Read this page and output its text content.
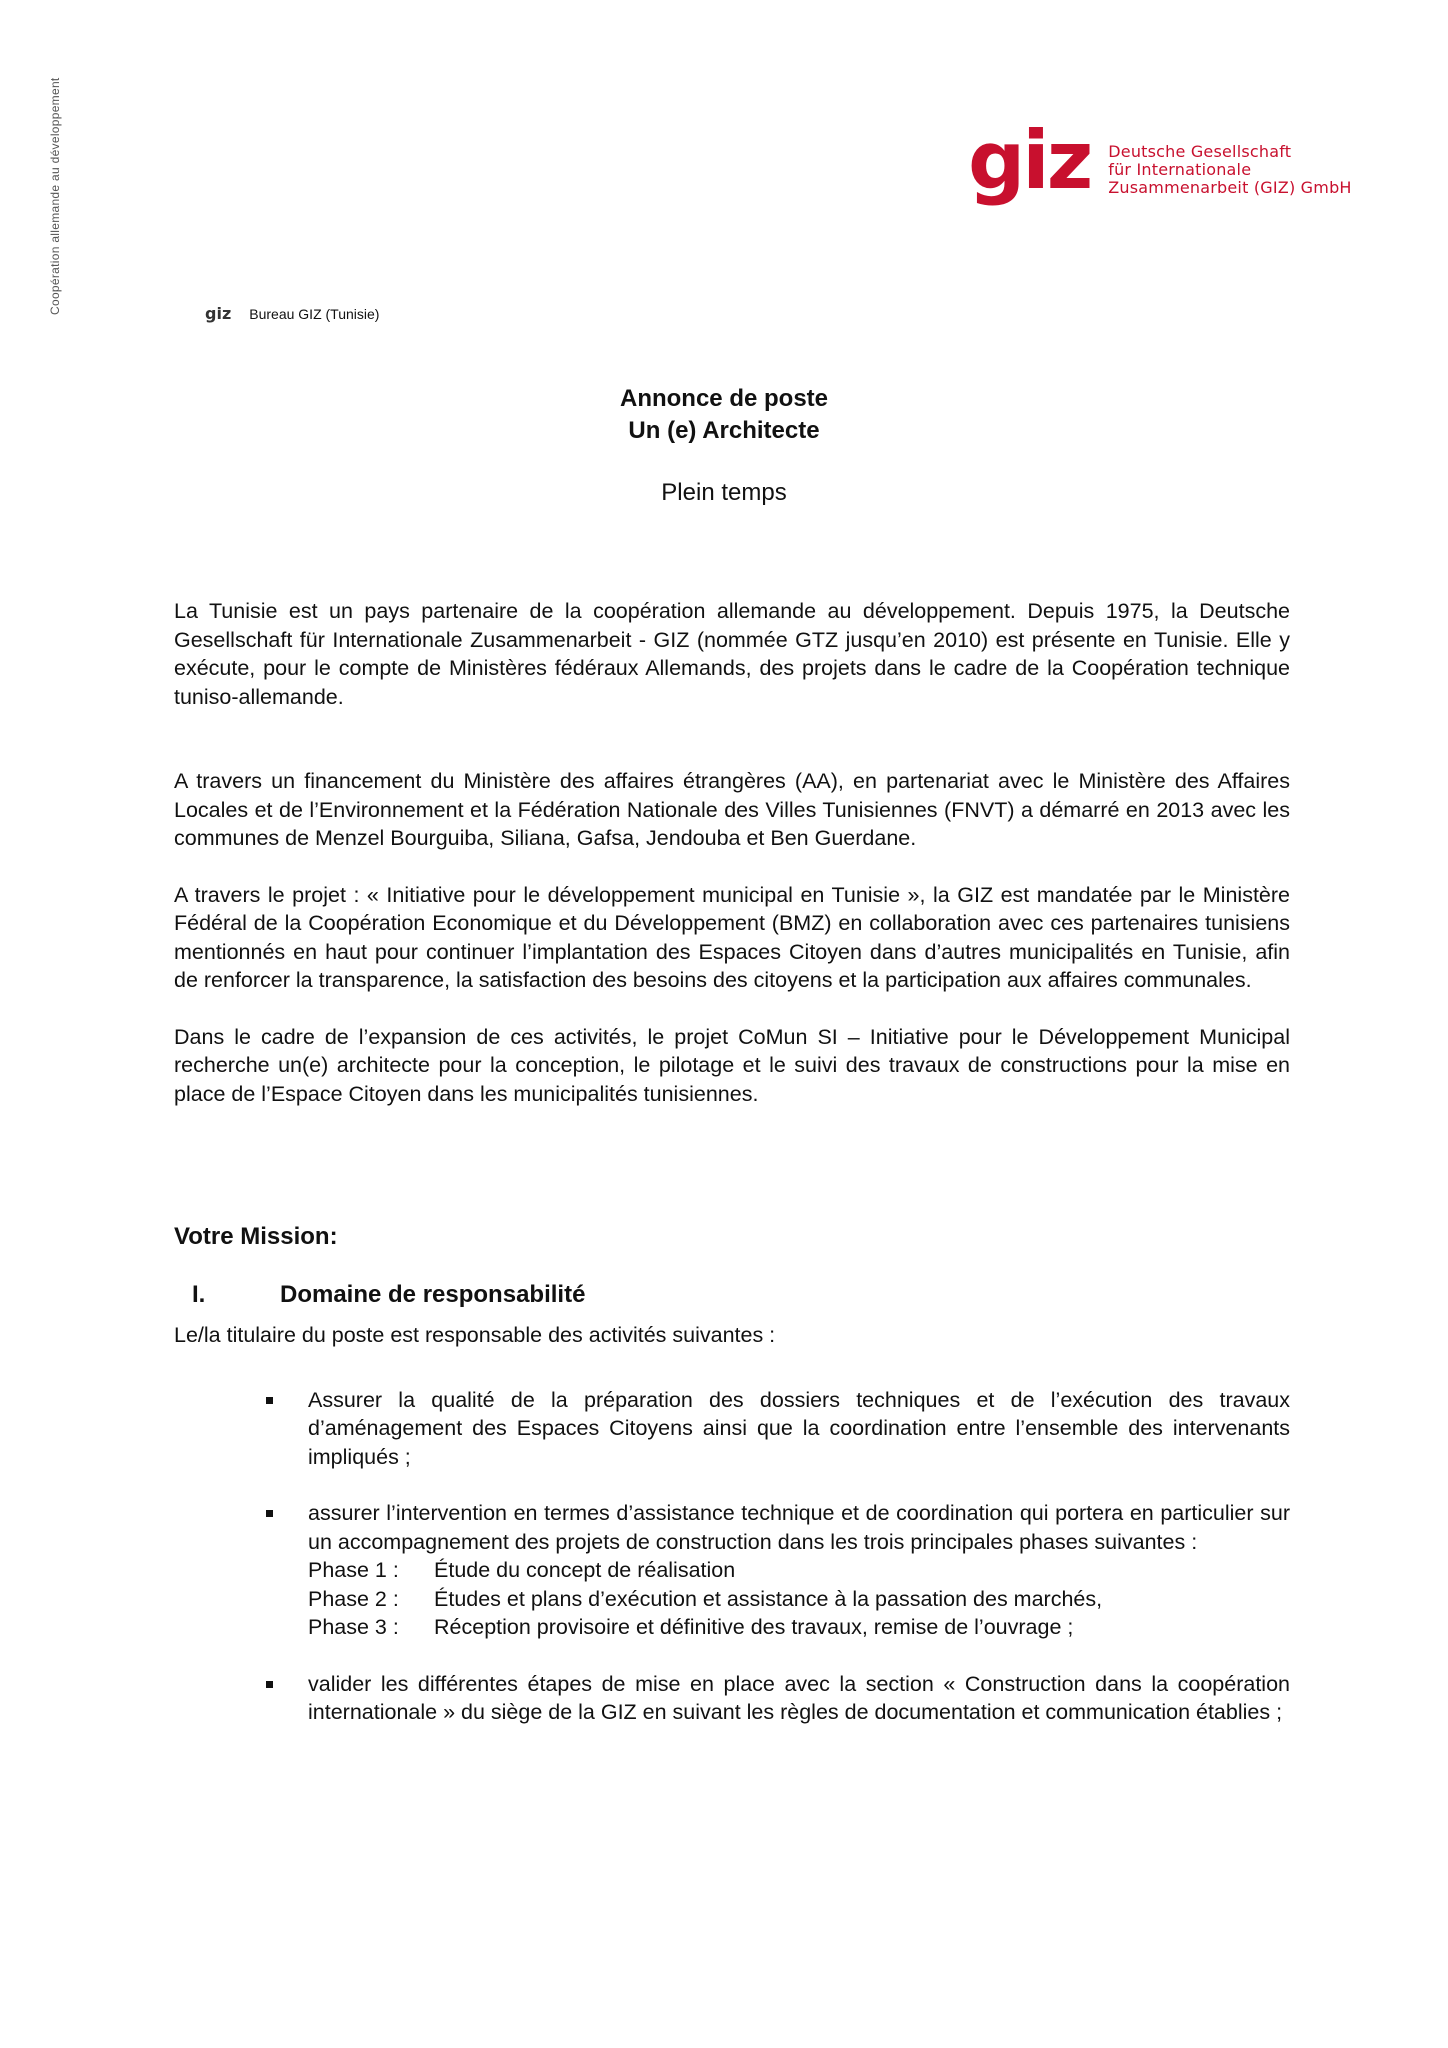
Coopération allemande au développement	giz Deutsche Gesellschaft
für Internationale
Zusammenarbeit (GIZ) GmbH
giz Bureau GIZ (Tunisie)
Annonce de poste
Un (e) Architecte
Plein temps

La Tunisie est un pays partenaire de la coopération allemande au développement. Depuis 1975, la Deutsche Gesellschaft für Internationale Zusammenarbeit - GIZ (nommée GTZ jusqu’en 2010) est présente en Tunisie. Elle y exécute, pour le compte de Ministères fédéraux Allemands, des projets dans le cadre de la Coopération technique tuniso-allemande.

A travers un financement du Ministère des affaires étrangères (AA), en partenariat avec le Ministère des Affaires Locales et de l’Environnement et la Fédération Nationale des Villes Tunisiennes (FNVT) a démarré en 2013 avec les communes de Menzel Bourguiba, Siliana, Gafsa, Jendouba et Ben Guerdane.

A travers le projet : « Initiative pour le développement municipal en Tunisie », la GIZ est mandatée par le Ministère Fédéral de la Coopération Economique et du Développement (BMZ) en collaboration avec ces partenaires tunisiens mentionnés en haut pour continuer l’implantation des Espaces Citoyen dans d’autres municipalités en Tunisie, afin de renforcer la transparence, la satisfaction des besoins des citoyens et la participation aux affaires communales.

Dans le cadre de l’expansion de ces activités, le projet CoMun SI – Initiative pour le Développement Municipal recherche un(e) architecte pour la conception, le pilotage et le suivi des travaux de constructions pour la mise en place de l’Espace Citoyen dans les municipalités tunisiennes.

Votre Mission:
I.	Domaine de responsabilité

Le/la titulaire du poste est responsable des activités suivantes :

Assurer la qualité de la préparation des dossiers techniques et de l’exécution des travaux d’aménagement des Espaces Citoyens ainsi que la coordination entre l’ensemble des intervenants impliqués ;
assurer l’intervention en termes d’assistance technique et de coordination qui portera en particulier sur un accompagnement des projets de construction dans les trois principales phases suivantes :
Phase 1 :	Étude du concept de réalisation
Phase 2 :	Études et plans d’exécution et assistance à la passation des marchés,
Phase 3 :	Réception provisoire et définitive des travaux, remise de l’ouvrage ;
valider les différentes étapes de mise en place avec la section « Construction dans la coopération internationale » du siège de la GIZ en suivant les règles de documentation et communication établies ;
